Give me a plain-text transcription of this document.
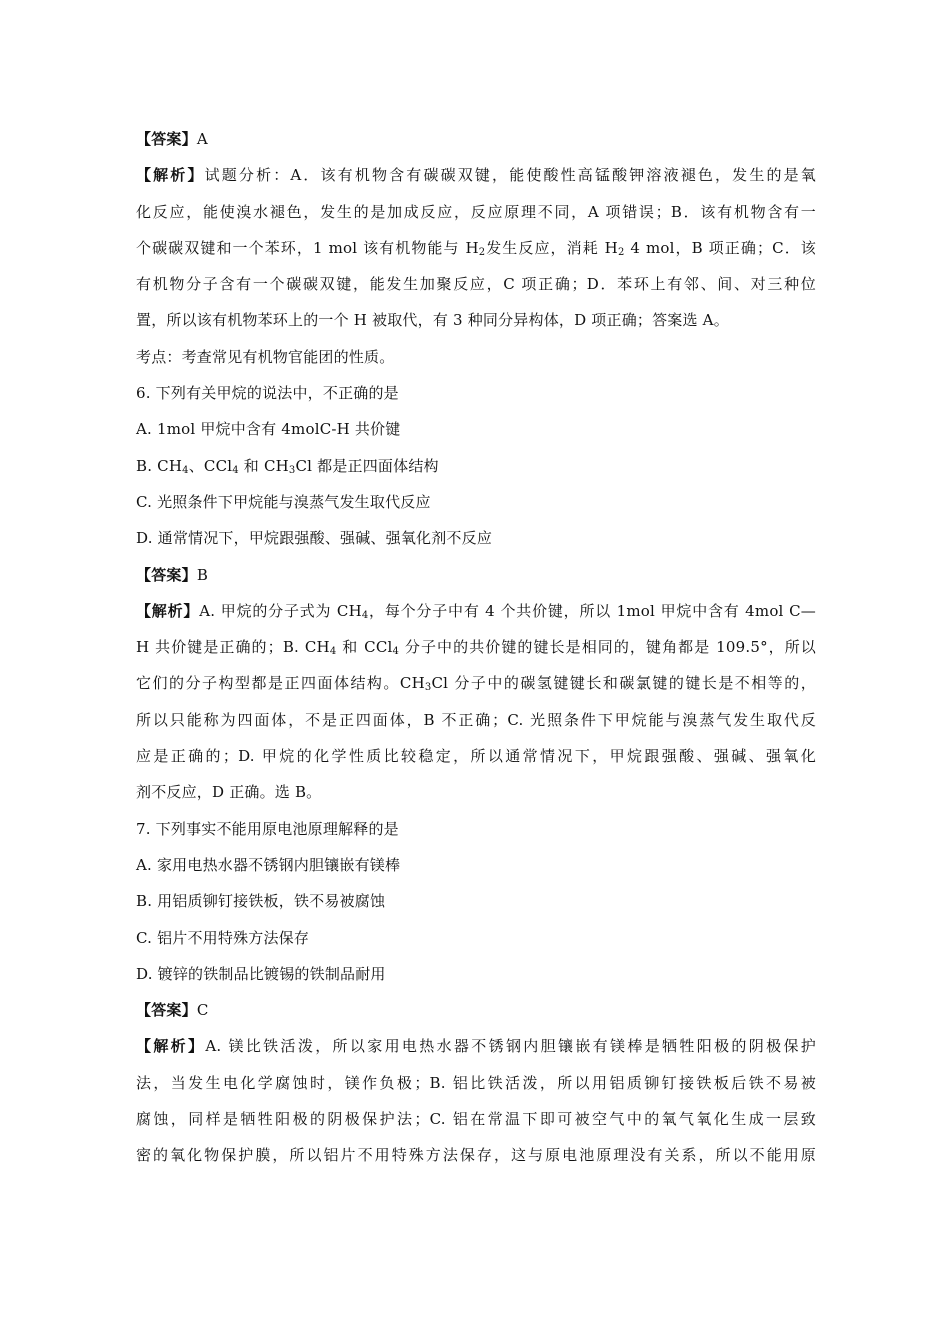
【答案】A
【解析】试题分析：A．该有机物含有碳碳双键，能使酸性高锰酸钾溶液褪色，发生的是氧
化反应，能使溴水褪色，发生的是加成反应，反应原理不同，A 项错误；B．该有机物含有一
个碳碳双键和一个苯环，1 mol 该有机物能与 $H_2$发生反应，消耗 $H_2$ 4 mol，B 项正确；C．该
有机物分子含有一个碳碳双键，能发生加聚反应，C 项正确；D．苯环上有邻、间、对三种位
置，所以该有机物苯环上的一个 H 被取代，有 3 种同分异构体，D 项正确；答案选 A。
考点：考查常见有机物官能团的性质。
6. 下列有关甲烷的说法中，不正确的是
A. 1mol 甲烷中含有 4molC-H 共价键
B. $CH_4$、CCl$_4$ 和 $CH_3Cl$ 都是正四面体结构
C. 光照条件下甲烷能与溴蒸气发生取代反应
D. 通常情况下，甲烷跟强酸、强碱、强氧化剂不反应
【答案】B
【解析】A. 甲烷的分子式为 $CH_4$，每个分子中有 4 个共价键，所以 1mol 甲烷中含有 4mol C—
H 共价键是正确的；B. $CH_4$ 和 CCl$_4$ 分子中的共价键的键长是相同的，键角都是 109.5°，所以
它们的分子构型都是正四面体结构。$CH_3Cl$ 分子中的碳氢键键长和碳氯键的键长是不相等的，
所以只能称为四面体，不是正四面体，B 不正确；C. 光照条件下甲烷能与溴蒸气发生取代反
应是正确的；D. 甲烷的化学性质比较稳定，所以通常情况下，甲烷跟强酸、强碱、强氧化
剂不反应，D 正确。选 B。
7. 下列事实不能用原电池原理解释的是
A. 家用电热水器不锈钢内胆镶嵌有镁棒
B. 用铝质铆钉接铁板，铁不易被腐蚀
C. 铝片不用特殊方法保存
D. 镀锌的铁制品比镀锡的铁制品耐用
【答案】C
【解析】A. 镁比铁活泼，所以家用电热水器不锈钢内胆镶嵌有镁棒是牺牲阳极的阴极保护
法，当发生电化学腐蚀时，镁作负极；B. 铝比铁活泼，所以用铝质铆钉接铁板后铁不易被
腐蚀，同样是牺牲阳极的阴极保护法；C. 铝在常温下即可被空气中的氧气氧化生成一层致
密的氧化物保护膜，所以铝片不用特殊方法保存，这与原电池原理没有关系，所以不能用原
